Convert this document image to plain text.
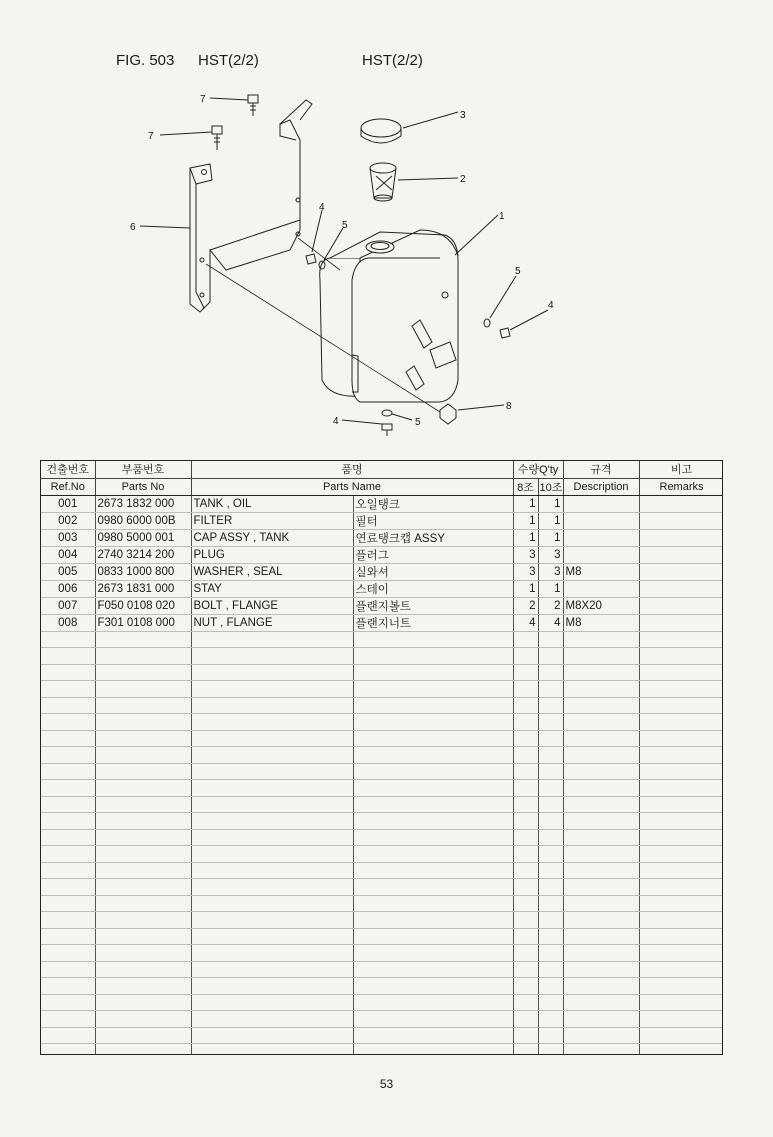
FIG. 503 HST(2/2)	HST(2/2)
7
7
3
2
1
6
4
5
5
4
8
4	5
건출번호	부품번호	품명		수량Q'ty		규격	비고
Ref.No	Parts No	Parts Name		8조	10조	Description	Remarks
001	2673 1832 000	TANK , OIL	오일탱크	1	1		
002	0980 6000 00B	FILTER	필터	1	1		
003	0980 5000 001	CAP ASSY , TANK	연료탱크캡 ASSY	1	1		
004	2740 3214 200	PLUG	플러그	3	3		
005	0833 1000 800	WASHER , SEAL	실와셔	3	3	M8	
006	2673 1831 000	STAY	스테이	1	1		
007	F050 0108 020	BOLT , FLANGE	플랜지볼트	2	2	M8X20	
008	F301 0108 000	NUT , FLANGE	플랜지너트	4	4	M8	

53
